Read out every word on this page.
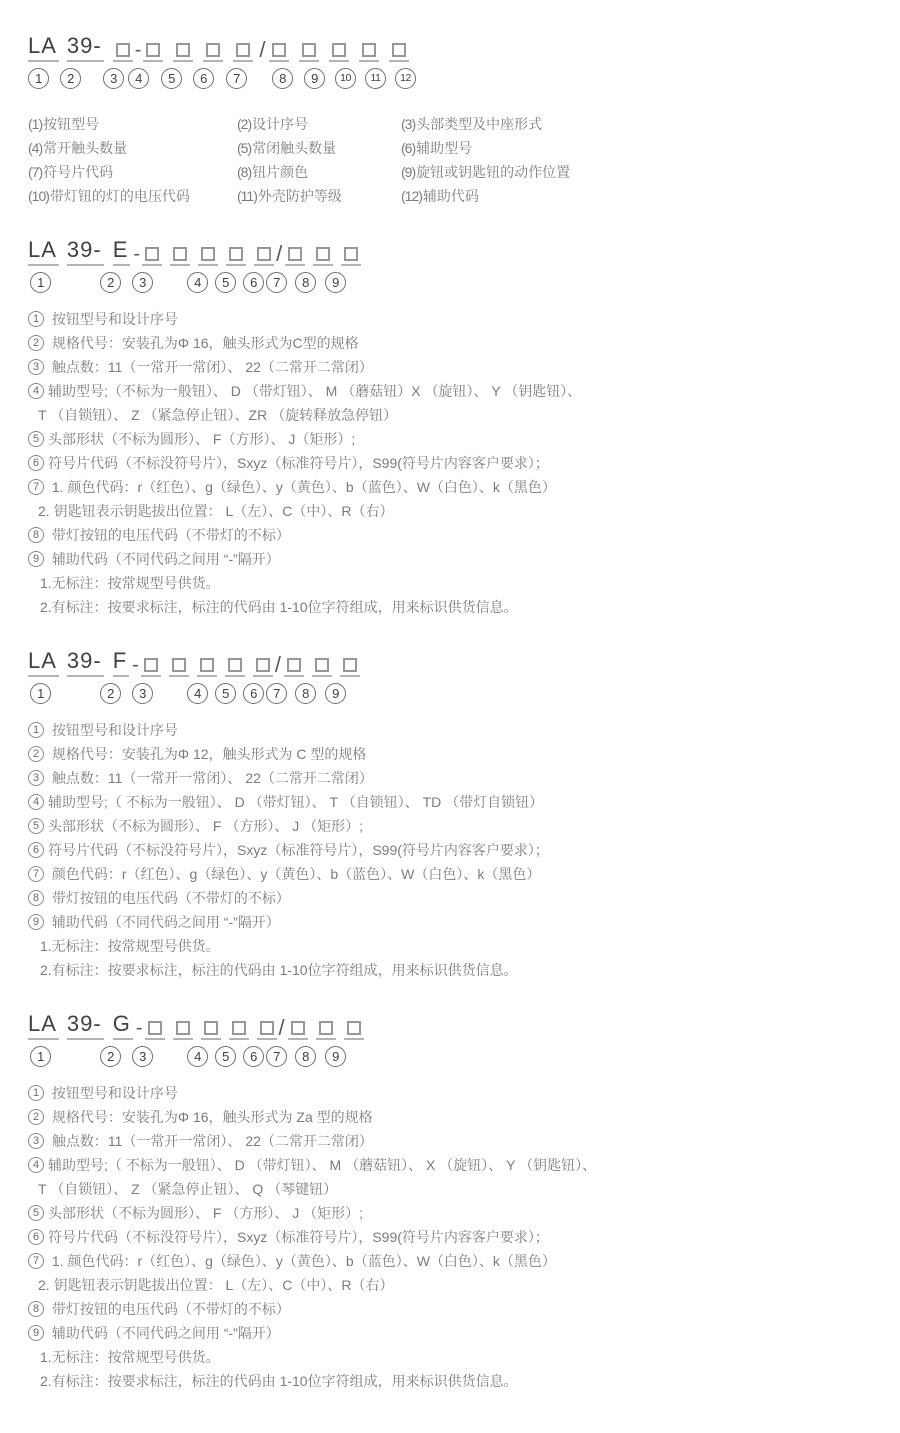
LA 39- -	/
1	2	3	4	5	6	7	8	9	10	11	12
(1)按钮型号	(2)设计序号	(3)头部类型及中座形式
(4)常开触头数量	(5)常闭触头数量	(6)辅助型号
(7)符号片代码	(8)钮片颜色	(9)旋钮或钥匙钮的动作位置
(10)带灯钮的灯的电压代码	(11)外壳防护等级	(12)辅助代码
LA 39- E -	/
1	2	3	4	5	6	7	8	9
1 按钮型号和设计序号
2 规格代号：安装孔为Φ 16，触头形式为C型的规格
3 触点数：11（一常开一常闭）、 22（二常开二常闭）
4 辅助型号;（不标为一般钮）、 D （带灯钮）、 M （蘑菇钮）X （旋钮）、 Y （钥匙钮）、
T （自锁钮）、 Z （紧急停止钮）、ZR （旋转释放急停钮）
5 头部形状（不标为圆形）、 F（方形）、 J（矩形）;
6 符号片代码（不标没符号片），Sxyz（标准符号片），S99(符号片内容客户要求）；
7 1. 颜色代码：r（红色）、g（绿色）、y（黄色）、b（蓝色）、W（白色）、k（黑色）
2. 钥匙钮表示钥匙拔出位置： L（左）、C（中）、R（右）
8 带灯按钮的电压代码（不带灯的不标）
9 辅助代码（不同代码之间用 “-”隔开）
1.无标注：按常规型号供货。
2.有标注：按要求标注，标注的代码由 1-10位字符组成，用来标识供货信息。
LA 39- F -	/
1	2	3	4	5	6	7	8	9
1 按钮型号和设计序号
2 规格代号：安装孔为Φ 12，触头形式为 C 型的规格
3 触点数：11（一常开一常闭）、 22（二常开二常闭）
4 辅助型号;（ 不标为一般钮）、 D （带灯钮）、 T （自锁钮）、 TD （带灯自锁钮）
5 头部形状（不标为圆形）、 F （方形）、 J （矩形）;
6 符号片代码（不标没符号片），Sxyz（标准符号片），S99(符号片内容客户要求）；
7 颜色代码：r（红色）、g（绿色）、y（黄色）、b（蓝色）、W（白色）、k（黑色）
8 带灯按钮的电压代码（不带灯的不标）
9 辅助代码（不同代码之间用 “-”隔开）
1.无标注：按常规型号供货。
2.有标注：按要求标注，标注的代码由 1-10位字符组成，用来标识供货信息。
LA 39- G -	/
1	2	3	4	5	6	7	8	9
1 按钮型号和设计序号
2 规格代号：安装孔为Φ 16，触头形式为 Za 型的规格
3 触点数：11（一常开一常闭）、 22（二常开二常闭）
4 辅助型号;（ 不标为一般钮）、 D （带灯钮）、 M （蘑菇钮）、 X （旋钮）、 Y （钥匙钮）、
T （自锁钮）、 Z （紧急停止钮）、 Q （琴键钮）
5 头部形状（不标为圆形）、 F （方形）、 J （矩形）;
6 符号片代码（不标没符号片），Sxyz（标准符号片），S99(符号片内容客户要求）；
7 1. 颜色代码：r（红色）、g（绿色）、y（黄色）、b（蓝色）、W（白色）、k（黑色）
2. 钥匙钮表示钥匙拔出位置： L（左）、C（中）、R（右）
8 带灯按钮的电压代码（不带灯的不标）
9 辅助代码（不同代码之间用 “-”隔开）
1.无标注：按常规型号供货。
2.有标注：按要求标注，标注的代码由 1-10位字符组成，用来标识供货信息。
